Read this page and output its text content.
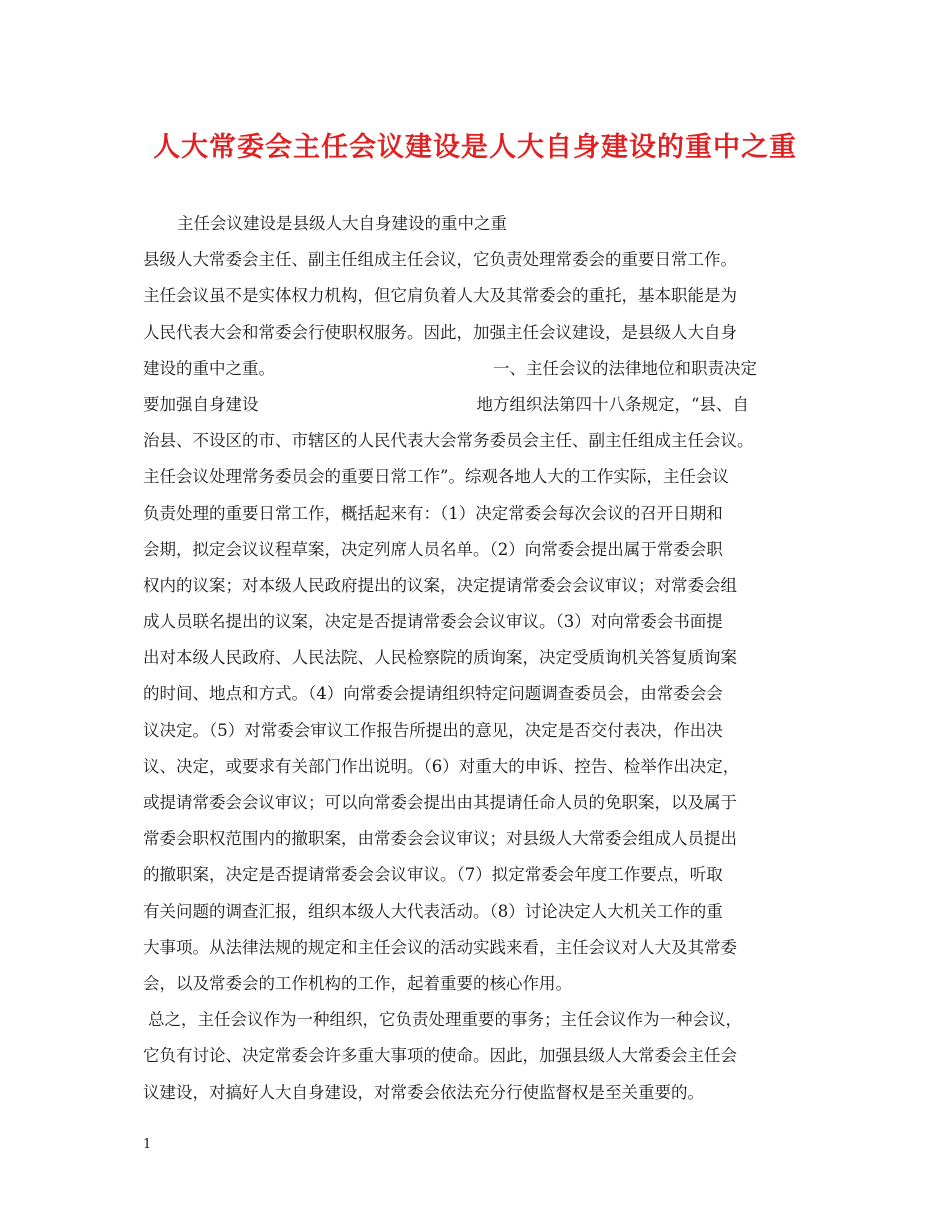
人大常委会主任会议建设是人大自身建设的重中之重
主任会议建设是县级人大自身建设的重中之重
县级人大常委会主任、副主任组成主任会议，它负责处理常委会的重要日常工作。
主任会议虽不是实体权力机构，但它肩负着人大及其常委会的重托，基本职能是为
人民代表大会和常委会行使职权服务。因此，加强主任会议建设，是县级人大自身
建设的重中之重。	一、主任会议的法律地位和职责决定
要加强自身建设	地方组织法第四十八条规定，“县、自
治县、不设区的市、市辖区的人民代表大会常务委员会主任、副主任组成主任会议。
主任会议处理常务委员会的重要日常工作”。综观各地人大的工作实际，主任会议
负责处理的重要日常工作，概括起来有：（1）决定常委会每次会议的召开日期和
会期，拟定会议议程草案，决定列席人员名单。（2）向常委会提出属于常委会职
权内的议案；对本级人民政府提出的议案，决定提请常委会会议审议；对常委会组
成人员联名提出的议案，决定是否提请常委会会议审议。（3）对向常委会书面提
出对本级人民政府、人民法院、人民检察院的质询案，决定受质询机关答复质询案
的时间、地点和方式。（4）向常委会提请组织特定问题调查委员会，由常委会会
议决定。（5）对常委会审议工作报告所提出的意见，决定是否交付表决，作出决
议、决定，或要求有关部门作出说明。（6）对重大的申诉、控告、检举作出决定，
或提请常委会会议审议；可以向常委会提出由其提请任命人员的免职案，以及属于
常委会职权范围内的撤职案，由常委会会议审议；对县级人大常委会组成人员提出
的撤职案，决定是否提请常委会会议审议。（7）拟定常委会年度工作要点，听取
有关问题的调查汇报，组织本级人大代表活动。（8）讨论决定人大机关工作的重
大事项。从法律法规的规定和主任会议的活动实践来看，主任会议对人大及其常委
会，以及常委会的工作机构的工作，起着重要的核心作用。
总之，主任会议作为一种组织，它负责处理重要的事务；主任会议作为一种会议，
它负有讨论、决定常委会许多重大事项的使命。因此，加强县级人大常委会主任会
议建设，对搞好人大自身建设，对常委会依法充分行使监督权是至关重要的。
1
